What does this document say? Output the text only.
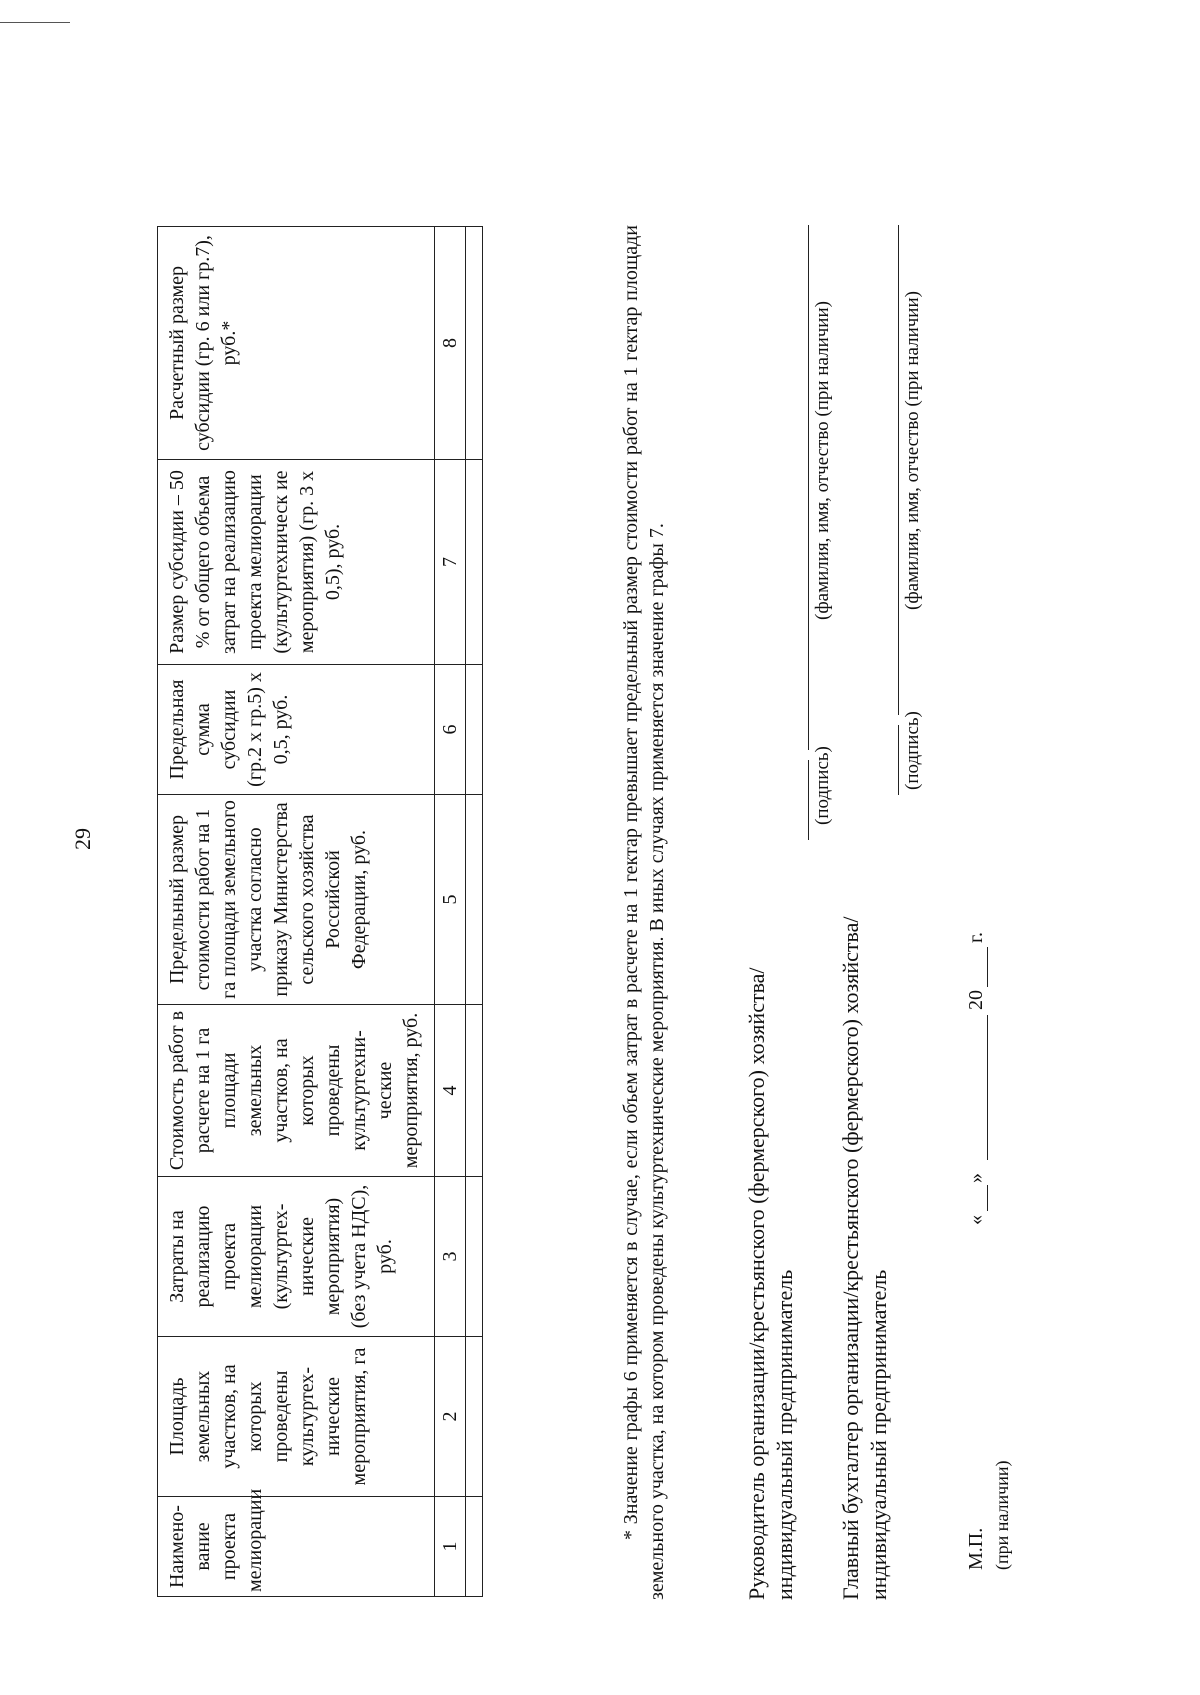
29
Наимено-вание проекта мелиорации	Площадь земельных участков, на которых проведены культуртех-нические мероприятия, га	Затраты на реализацию проекта мелиорации (культуртех-нические мероприятия) (без учета НДС), руб.	Стоимость работ в расчете на 1 га площади земельных участков, на которых проведены культуртехни-ческие мероприятия, руб.	Предельный размер стоимости работ на 1 га площади земельного участка согласно приказу Министерства сельского хозяйства Российской Федерации, руб.	Предельная сумма субсидии (гр.2 х гр.5) х 0,5, руб.	Размер субсидии – 50 % от общего объема затрат на реализацию проекта мелиорации (культуртехническ ие мероприятия) (гр. 3 х 0,5), руб.	Расчетный размер субсидии (гр. 6 или гр.7), руб.*
1	2	3	4	5	6	7	8
								* Значение графы 6 применяется в случае, если объем затрат в расчете на 1 гектар превышает предельный размер стоимости работ на 1 гектар площади земельного участка, на котором проведены культуртехнические мероприятия. В иных случаях применяется значение графы 7.	Руководитель организации/крестьянского (фермерского) хозяйства/ индивидуальный предприниматель
(подпись)
(фамилия, имя, отчество (при наличии)
Главный бухгалтер организации/крестьянского (фермерского) хозяйства/ индивидуальный предприниматель
(подпись)
(фамилия, имя, отчество (при наличии)
М.П. (при наличии)
«
»
20
г.
